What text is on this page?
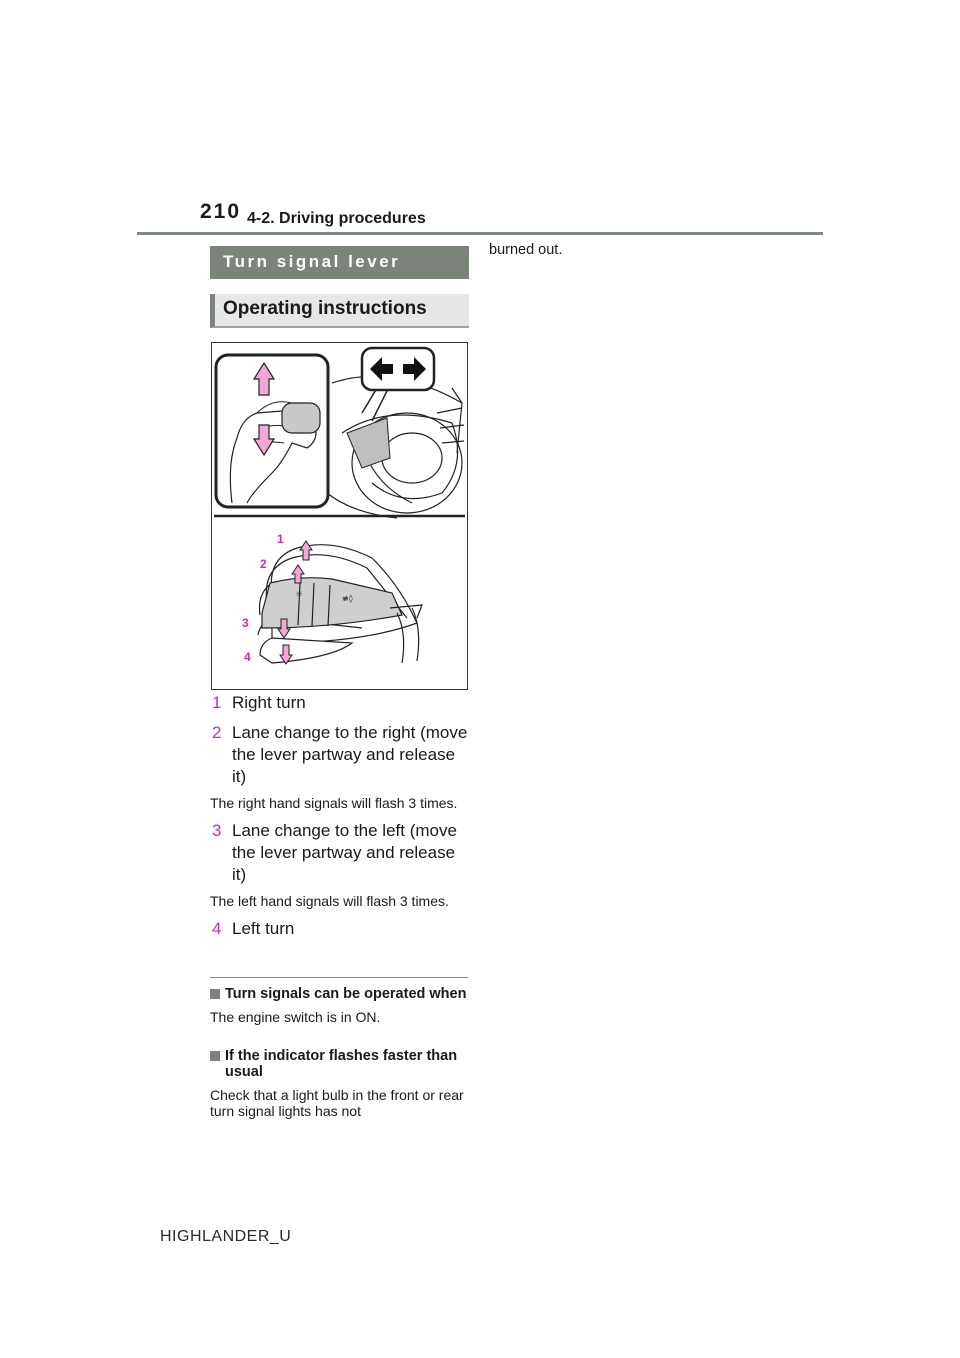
210 4-2. Driving procedures
Turn signal lever
Operating instructions
☼	≢◊
1
2
3
4
1 Right turn
2 Lane change to the right (move the lever partway and release it)
The right hand signals will flash 3 times.
3 Lane change to the left (move the lever partway and release it)
The left hand signals will flash 3 times.
4 Left turn
Turn signals can be operated when
The engine switch is in ON.
If the indicator flashes faster than usual
Check that a light bulb in the front or rear turn signal lights has not
burned out.
HIGHLANDER_U
